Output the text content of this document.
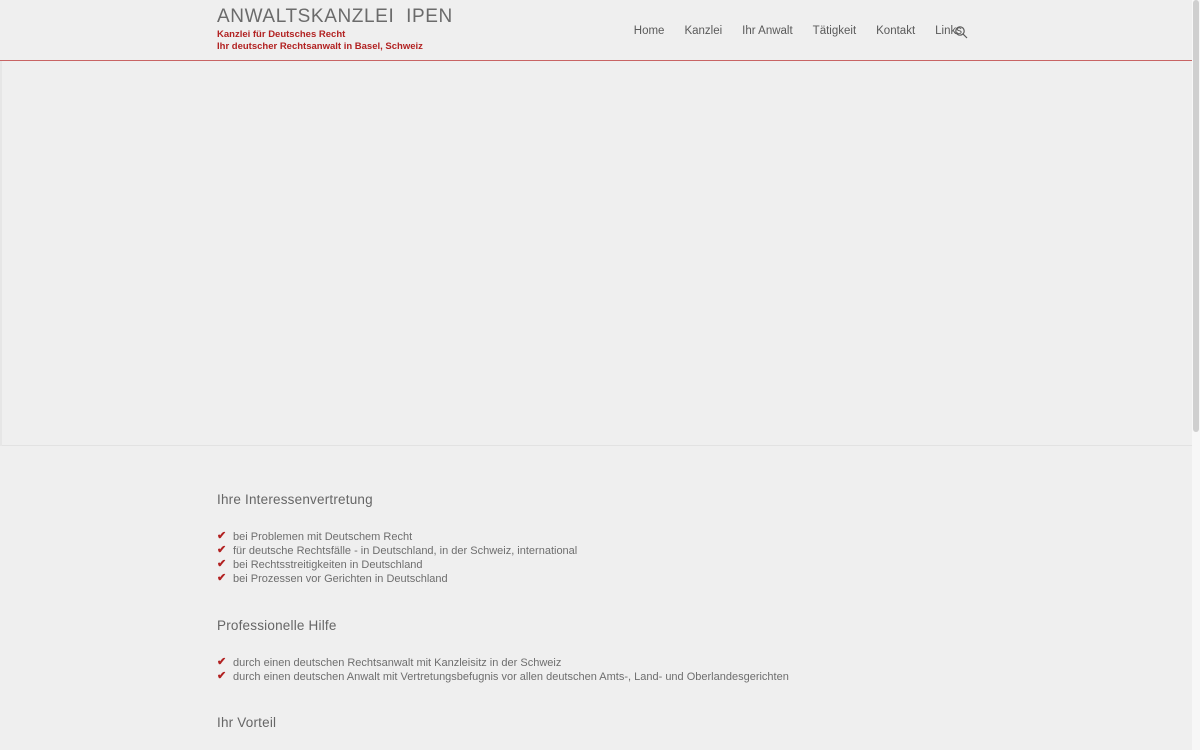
ANWALTSKANZLEI  IPEN
Kanzlei für Deutsches Recht
Ihr deutscher Rechtsanwalt in Basel, Schweiz
Home	Kanzlei	Ihr Anwalt	Tätigkeit	Kontakt	Links
Ihre Interessenvertretung
✔ bei Problemen mit Deutschem Recht
✔ für deutsche Rechtsfälle - in Deutschland, in der Schweiz, international
✔ bei Rechtsstreitigkeiten in Deutschland
✔ bei Prozessen vor Gerichten in Deutschland
Professionelle Hilfe
✔ durch einen deutschen Rechtsanwalt mit Kanzleisitz in der Schweiz
✔ durch einen deutschen Anwalt mit Vertretungsbefugnis vor allen deutschen Amts-, Land- und Oberlandesgerichten
Ihr Vorteil
